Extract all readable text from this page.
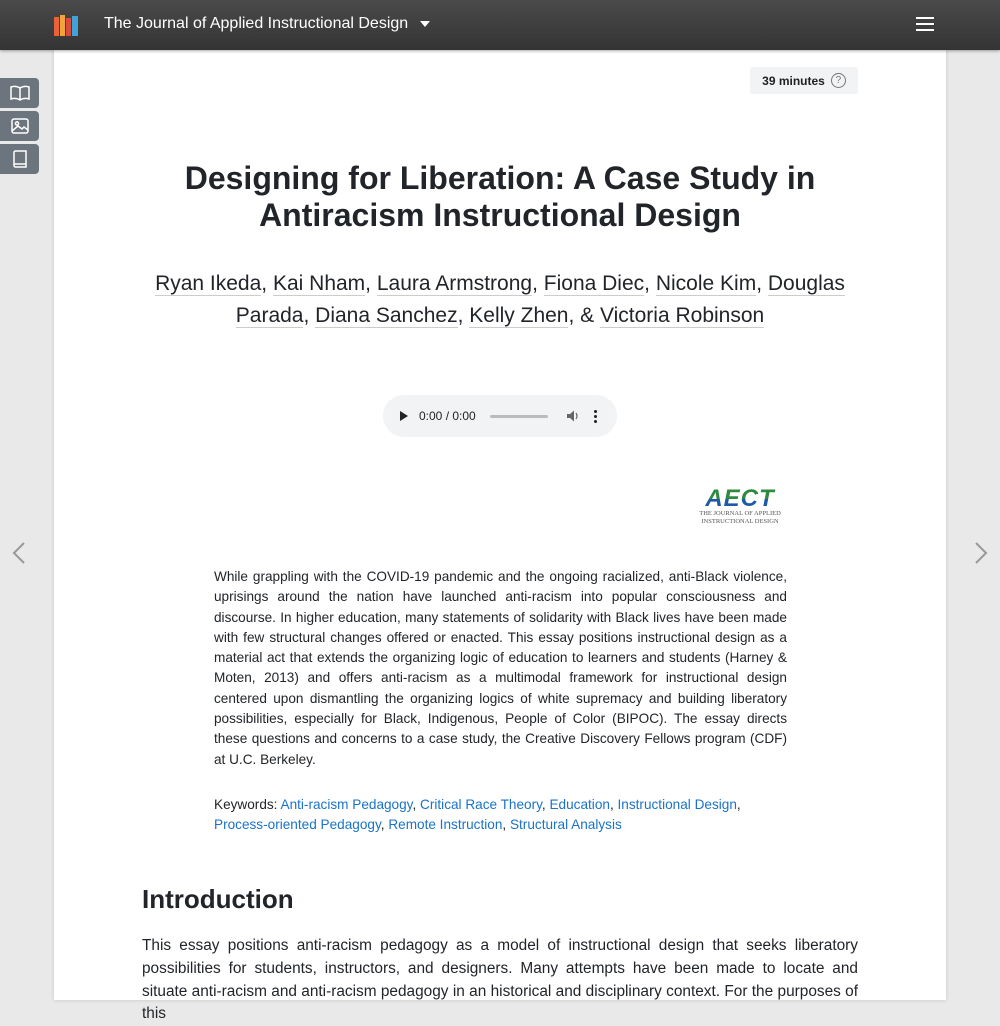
The Journal of Applied Instructional Design
39 minutes	?
Designing for Liberation: A Case Study in Antiracism Instructional Design
Ryan Ikeda, Kai Nham, Laura Armstrong, Fiona Diec, Nicole Kim, Douglas Parada, Diana Sanchez, Kelly Zhen, & Victoria Robinson
0:00 / 0:00
AECT
THE JOURNAL OF APPLIED
INSTRUCTIONAL DESIGN

While grappling with the COVID-19 pandemic and the ongoing racialized, anti-Black violence, uprisings around the nation have launched anti-racism into popular consciousness and discourse. In higher education, many statements of solidarity with Black lives have been made with few structural changes offered or enacted. This essay positions instructional design as a material act that extends the organizing logic of education to learners and students (Harney & Moten, 2013) and offers anti-racism as a multimodal framework for instructional design centered upon dismantling the organizing logics of white supremacy and building liberatory possibilities, especially for Black, Indigenous, People of Color (BIPOC). The essay directs these questions and concerns to a case study, the Creative Discovery Fellows program (CDF) at U.C. Berkeley.

Keywords: Anti-racism Pedagogy, Critical Race Theory, Education, Instructional Design, Process-oriented Pedagogy, Remote Instruction, Structural Analysis
Introduction

This essay positions anti-racism pedagogy as a model of instructional design that seeks liberatory possibilities for students, instructors, and designers. Many attempts have been made to locate and situate anti-racism and anti-racism pedagogy in an historical and disciplinary context. For the purposes of this
